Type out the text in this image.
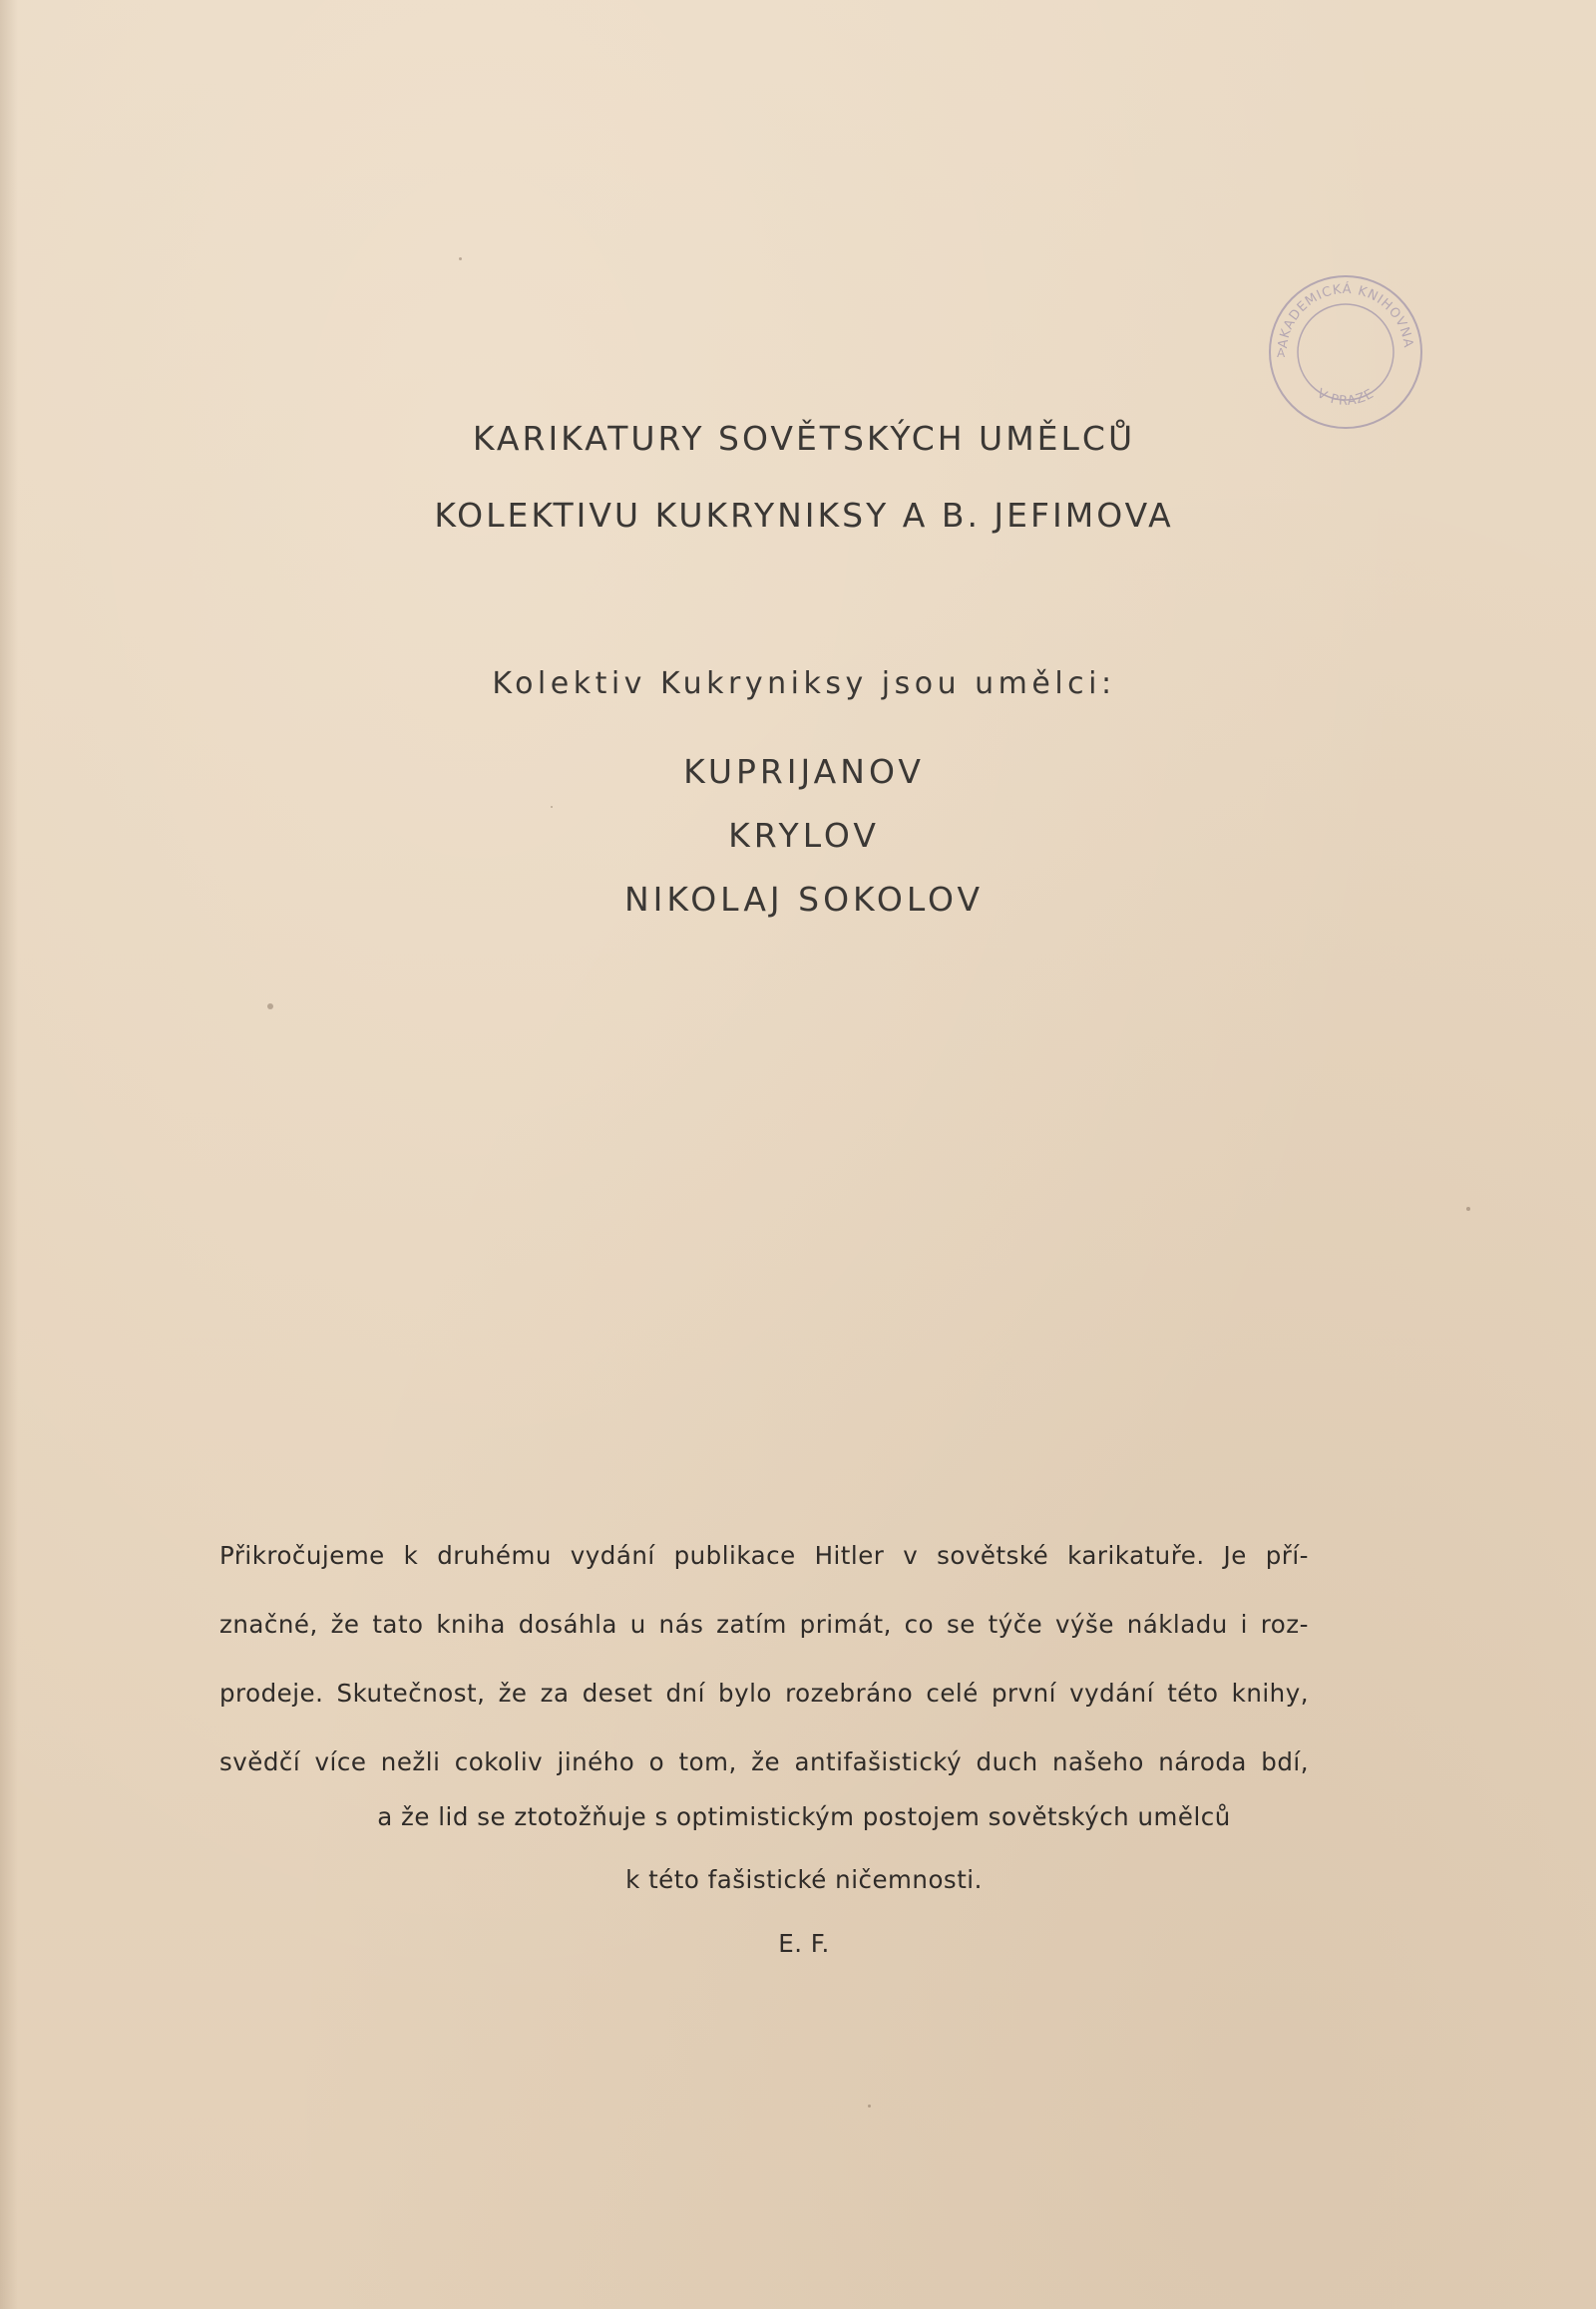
AKADEMICKÁ KNIHOVNA
V PRAZE
A
KARIKATURY SOVĚTSKÝCH UMĚLCŮ
KOLEKTIVU KUKRYNIKSY A B. JEFIMOVA
Kolektiv Kukryniksy jsou umělci:
KUPRIJANOV
KRYLOV
NIKOLAJ SOKOLOV
Přikročujeme k druhému vydání publikace Hitler v sovětské karikatuře. Je pří-
značné, že tato kniha dosáhla u nás zatím primát, co se týče výše nákladu i roz-
prodeje. Skutečnost, že za deset dní bylo rozebráno celé první vydání této knihy,
svědčí více nežli cokoliv jiného o tom, že antifašistický duch našeho národa bdí,
a že lid se ztotožňuje s optimistickým postojem sovětských umělců
k této fašistické ničemnosti.
E. F.
